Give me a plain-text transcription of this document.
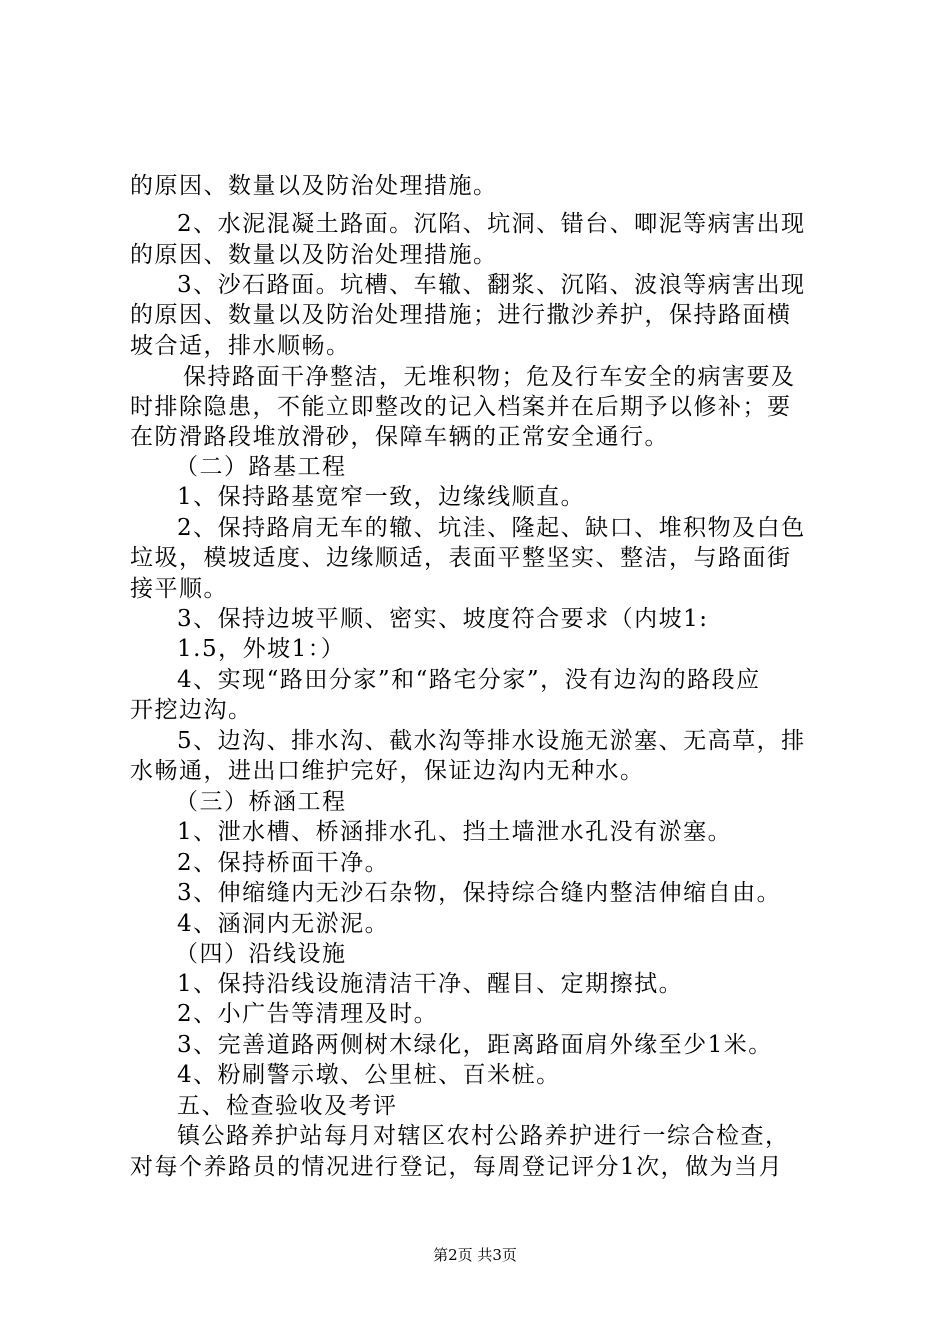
的原因、数量以及防治处理措施。
2、水泥混凝土路面。沉陷、坑洞、错台、唧泥等病害出现
的原因、数量以及防治处理措施。
3、沙石路面。坑槽、车辙、翻浆、沉陷、波浪等病害出现
的原因、数量以及防治处理措施；进行撒沙养护，保持路面横
坡合适，排水顺畅。
保持路面干净整洁，无堆积物；危及行车安全的病害要及
时排除隐患，不能立即整改的记入档案并在后期予以修补；要
在防滑路段堆放滑砂，保障车辆的正常安全通行。
（二）路基工程
1、保持路基宽窄一致，边缘线顺直。
2、保持路肩无车的辙、坑洼、隆起、缺口、堆积物及白色
垃圾，模坡适度、边缘顺适，表面平整坚实、整洁，与路面街
接平顺。
3、保持边坡平顺、密实、坡度符合要求（内坡1:
1.5，外坡1：）
4、实现“路田分家”和“路宅分家”，没有边沟的路段应
开挖边沟。
5、边沟、排水沟、截水沟等排水设施无淤塞、无高草，排
水畅通，进出口维护完好，保证边沟内无种水。
（三）桥涵工程
1、泄水槽、桥涵排水孔、挡土墙泄水孔没有淤塞。
2、保持桥面干净。
3、伸缩缝内无沙石杂物，保持综合缝内整洁伸缩自由。
4、涵洞内无淤泥。
（四）沿线设施
1、保持沿线设施清洁干净、醒目、定期擦拭。
2、小广告等清理及时。
3、完善道路两侧树木绿化，距离路面肩外缘至少1米。
4、粉刷警示墩、公里桩、百米桩。
五、检查验收及考评
镇公路养护站每月对辖区农村公路养护进行一综合检查，
对每个养路员的情况进行登记，每周登记评分1次，做为当月
第2页 共3页
